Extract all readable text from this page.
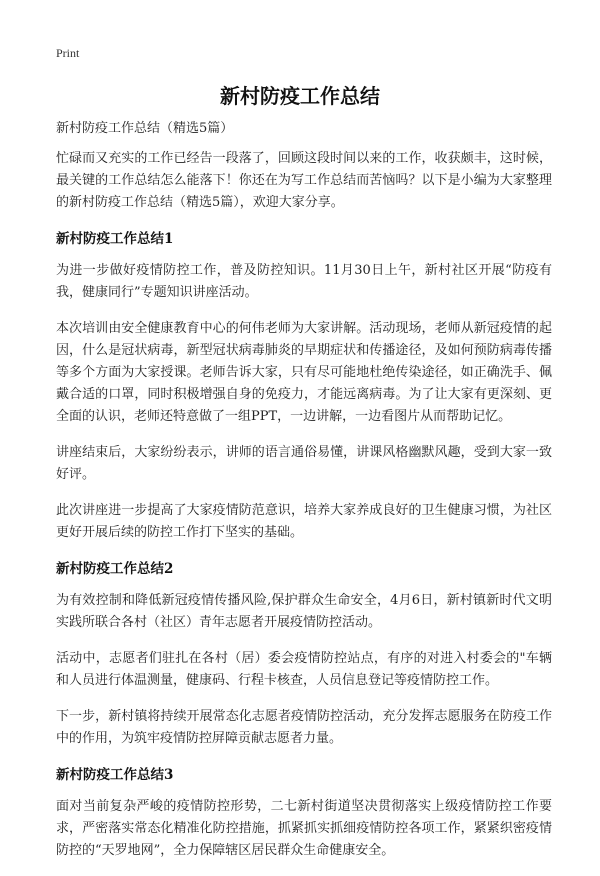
Print
新村防疫工作总结

新村防疫工作总结（精选5篇）

忙碌而又充实的工作已经告一段落了，回顾这段时间以来的工作，收获颇丰，这时候，最关键的工作总结怎么能落下！你还在为写工作总结而苦恼吗？以下是小编为大家整理的新村防疫工作总结（精选5篇），欢迎大家分享。

新村防疫工作总结1

为进一步做好疫情防控工作，普及防控知识。11月30日上午，新村社区开展“防疫有我，健康同行”专题知识讲座活动。

本次培训由安全健康教育中心的何伟老师为大家讲解。活动现场，老师从新冠疫情的起因，什么是冠状病毒，新型冠状病毒肺炎的早期症状和传播途径，及如何预防病毒传播等多个方面为大家授课。老师告诉大家，只有尽可能地杜绝传染途径，如正确洗手、佩戴合适的口罩，同时积极增强自身的免疫力，才能远离病毒。为了让大家有更深刻、更全面的认识，老师还特意做了一组PPT，一边讲解，一边看图片从而帮助记忆。

讲座结束后，大家纷纷表示，讲师的语言通俗易懂，讲课风格幽默风趣，受到大家一致好评。

此次讲座进一步提高了大家疫情防范意识，培养大家养成良好的卫生健康习惯，为社区更好开展后续的防控工作打下坚实的基础。

新村防疫工作总结2

为有效控制和降低新冠疫情传播风险,保护群众生命安全，4月6日，新村镇新时代文明实践所联合各村（社区）青年志愿者开展疫情防控活动。

活动中，志愿者们驻扎在各村（居）委会疫情防控站点，有序的对进入村委会的"车辆和人员进行体温测量，健康码、行程卡核查，人员信息登记等疫情防控工作。

下一步，新村镇将持续开展常态化志愿者疫情防控活动，充分发挥志愿服务在防疫工作中的作用，为筑牢疫情防控屏障贡献志愿者力量。

新村防疫工作总结3

面对当前复杂严峻的疫情防控形势，二七新村街道坚决贯彻落实上级疫情防控工作要求，严密落实常态化精准化防控措施，抓紧抓实抓细疫情防控各项工作，紧紧织密疫情防控的“天罗地网”，全力保障辖区居民群众生命健康安全。
